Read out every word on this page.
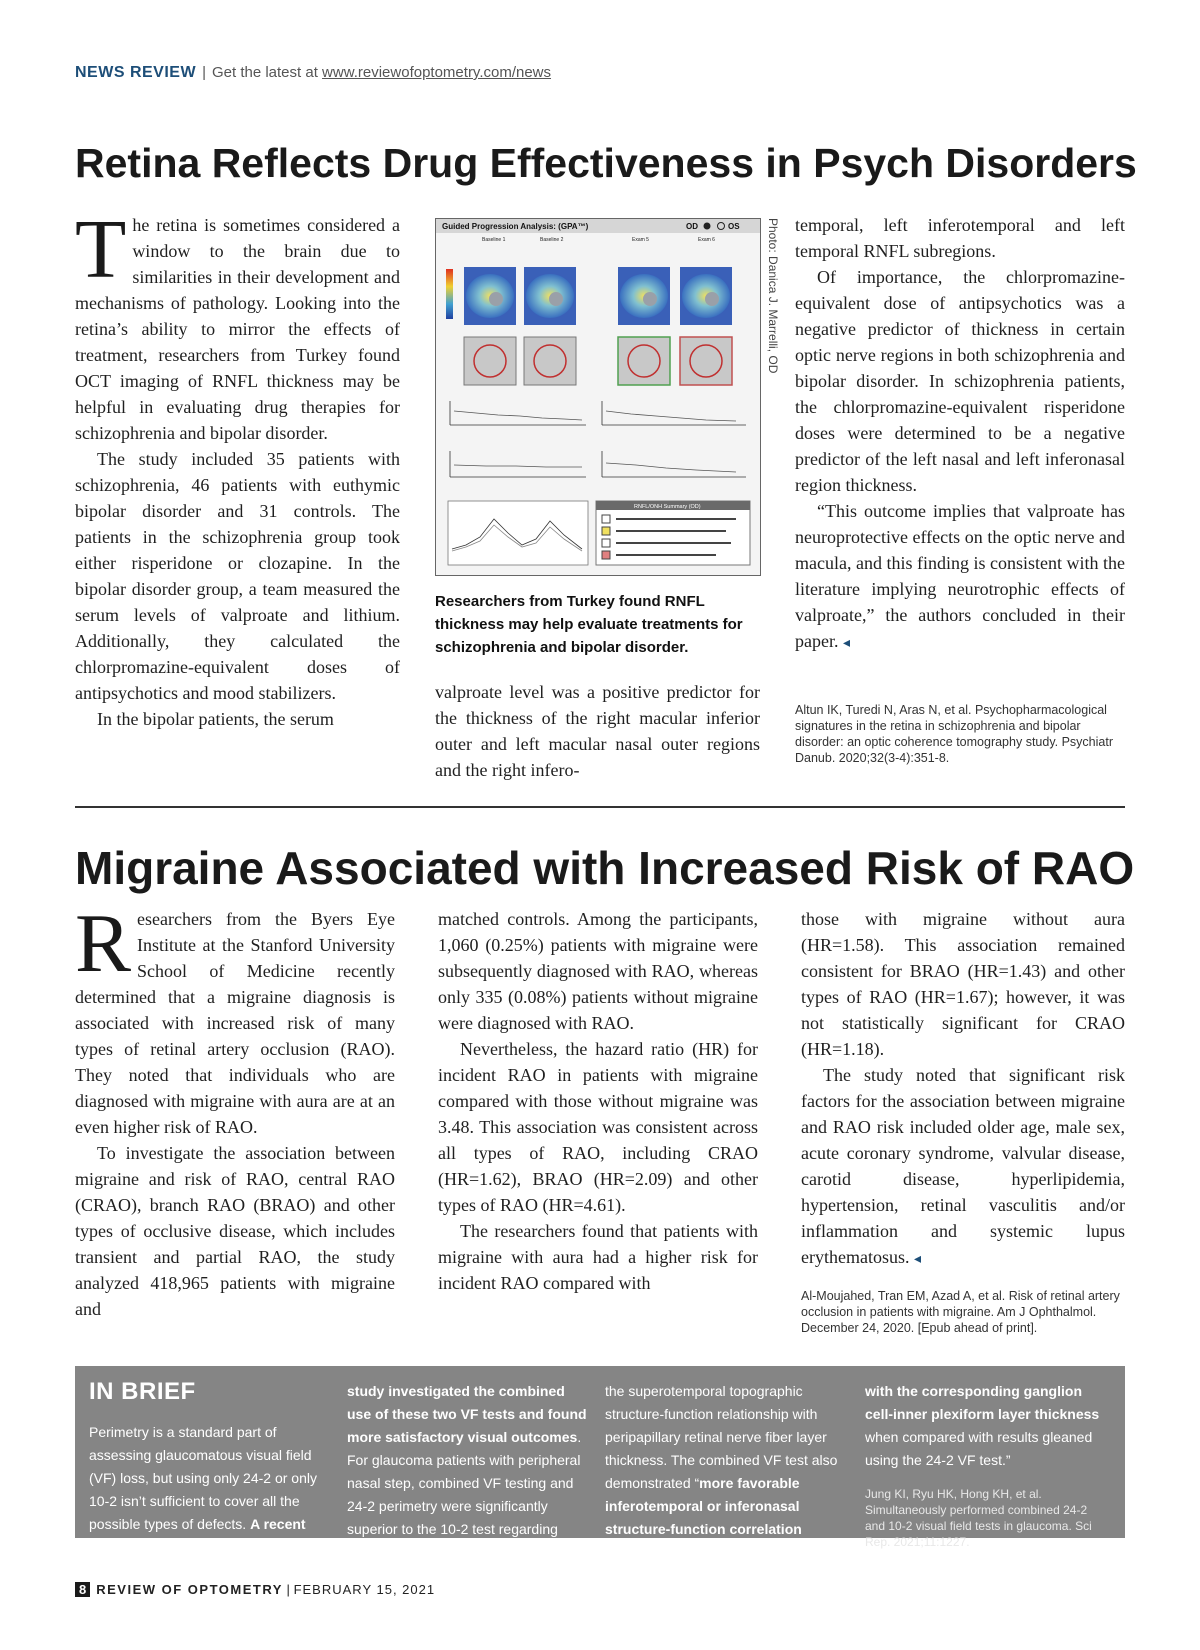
NEWS REVIEW | Get the latest at www.reviewofoptometry.com/news
Retina Reflects Drug Effectiveness in Psych Disorders

The retina is sometimes considered a window to the brain due to similarities in their development and mechanisms of pathology. Looking into the retina’s ability to mirror the effects of treatment, researchers from Turkey found OCT imaging of RNFL thickness may be helpful in evaluating drug therapies for schizophrenia and bipolar disorder.

The study included 35 patients with schizophrenia, 46 patients with euthymic bipolar disorder and 31 controls. The patients in the schizophrenia group took either risperidone or clozapine. In the bipolar disorder group, a team measured the serum levels of valproate and lithium. Additionally, they calculated the chlorpromazine-equivalent doses of antipsychotics and mood stabilizers.

In the bipolar patients, the serum

Guided Progression Analysis: (GPA™)	OD	OS
Baseline 1	Baseline 2	Exam 5	Exam 6
RNFL/ONH Summary (OD)
Photo: Danica J. Marrelli, OD
Researchers from Turkey found RNFL thickness may help evaluate treatments for schizophrenia and bipolar disorder.

valproate level was a positive predictor for the thickness of the right macular inferior outer and left macular nasal outer regions and the right infero-

temporal, left inferotemporal and left temporal RNFL subregions.

Of importance, the chlorpromazine-equivalent dose of antipsychotics was a negative predictor of thickness in certain optic nerve regions in both schizophrenia and bipolar disorder. In schizophrenia patients, the chlorpromazine-equivalent risperidone doses were determined to be a negative predictor of the left nasal and left inferonasal region thickness.

“This outcome implies that valproate has neuroprotective effects on the optic nerve and macula, and this finding is consistent with the literature implying neurotrophic effects of valproate,” the authors concluded in their paper. ◂

Altun IK, Turedi N, Aras N, et al. Psychopharmacological signatures in the retina in schizophrenia and bipolar disorder: an optic coherence tomography study. Psychiatr Danub. 2020;32(3-4):351-8.
Migraine Associated with Increased Risk of RAO

Researchers from the Byers Eye Institute at the Stanford University School of Medicine recently determined that a migraine diagnosis is associated with increased risk of many types of retinal artery occlusion (RAO). They noted that individuals who are diagnosed with migraine with aura are at an even higher risk of RAO.

To investigate the association between migraine and risk of RAO, central RAO (CRAO), branch RAO (BRAO) and other types of occlusive disease, which includes transient and partial RAO, the study analyzed 418,965 patients with migraine and

matched controls. Among the participants, 1,060 (0.25%) patients with migraine were subsequently diagnosed with RAO, whereas only 335 (0.08%) patients without migraine were diagnosed with RAO.

Nevertheless, the hazard ratio (HR) for incident RAO in patients with migraine compared with those without migraine was 3.48. This association was consistent across all types of RAO, including CRAO (HR=1.62), BRAO (HR=2.09) and other types of RAO (HR=4.61).

The researchers found that patients with migraine with aura had a higher risk for incident RAO compared with

those with migraine without aura (HR=1.58). This association remained consistent for BRAO (HR=1.43) and other types of RAO (HR=1.67); however, it was not statistically significant for CRAO (HR=1.18).

The study noted that significant risk factors for the association between migraine and RAO risk included older age, male sex, acute coronary syndrome, valvular disease, carotid disease, hyperlipidemia, hypertension, retinal vasculitis and/or inflammation and systemic lupus erythematosus. ◂

Al-Moujahed, Tran EM, Azad A, et al. Risk of retinal artery occlusion in patients with migraine. Am J Ophthalmol. December 24, 2020. [Epub ahead of print].
IN BRIEF

Perimetry is a standard part of assessing glaucomatous visual field (VF) loss, but using only 24-2 or only 10-2 isn’t sufficient to cover all the possible types of defects. A recent

study investigated the combined use of these two VF tests and found more satisfactory visual outcomes. For glaucoma patients with peripheral nasal step, combined VF testing and 24-2 perimetry were significantly superior to the 10-2 test regarding

the superotemporal topographic structure-function relationship with peripapillary retinal nerve fiber layer thickness. The combined VF test also demonstrated “more favorable inferotemporal or inferonasal structure-function correlation

with the corresponding ganglion cell-inner plexiform layer thickness when compared with results gleaned using the 24-2 VF test.”

Jung KI, Ryu HK, Hong KH, et al. Simultaneously performed combined 24-2 and 10-2 visual field tests in glaucoma. Sci Rep. 2021;11:1227.
8 REVIEW OF OPTOMETRY | FEBRUARY 15, 2021
